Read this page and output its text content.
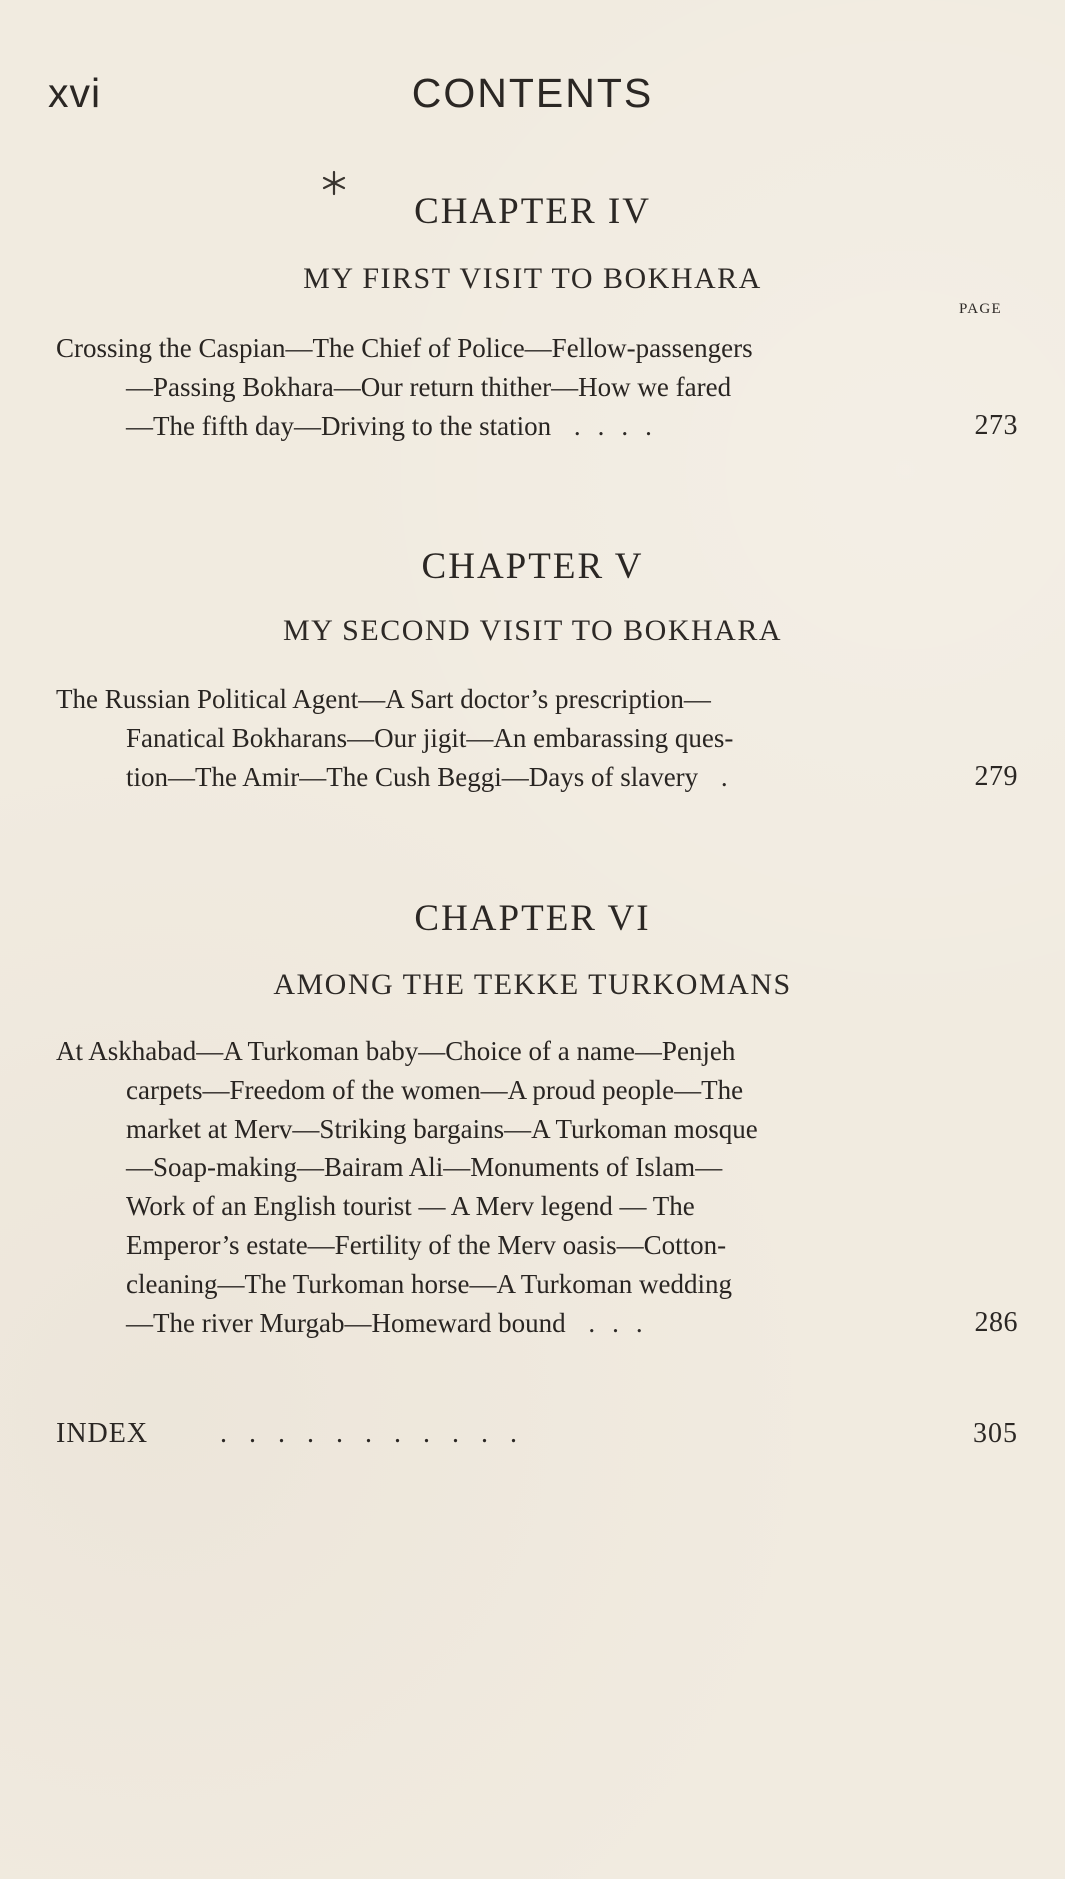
xvi	CONTENTS
CHAPTER IV
MY FIRST VISIT TO BOKHARA
PAGE
Crossing the Caspian—The Chief of Police—Fellow-passengers
—Passing Bokhara—Our return thither—How we fared
—The fifth day—Driving to the station ....	273
CHAPTER V
MY SECOND VISIT TO BOKHARA
The Russian Political Agent—A Sart doctor’s prescription—
Fanatical Bokharans—Our jigit—An embarassing ques-
tion—The Amir—The Cush Beggi—Days of slavery .	279
CHAPTER VI
AMONG THE TEKKE TURKOMANS
At Askhabad—A Turkoman baby—Choice of a name—Penjeh
carpets—Freedom of the women—A proud people—The
market at Merv—Striking bargains—A Turkoman mosque
—Soap-making—Bairam Ali—Monuments of Islam—
Work of an English tourist — A Merv legend — The
Emperor’s estate—Fertility of the Merv oasis—Cotton-
cleaning—The Turkoman horse—A Turkoman wedding
—The river Murgab—Homeward bound ...	286
INDEX	...........	305
